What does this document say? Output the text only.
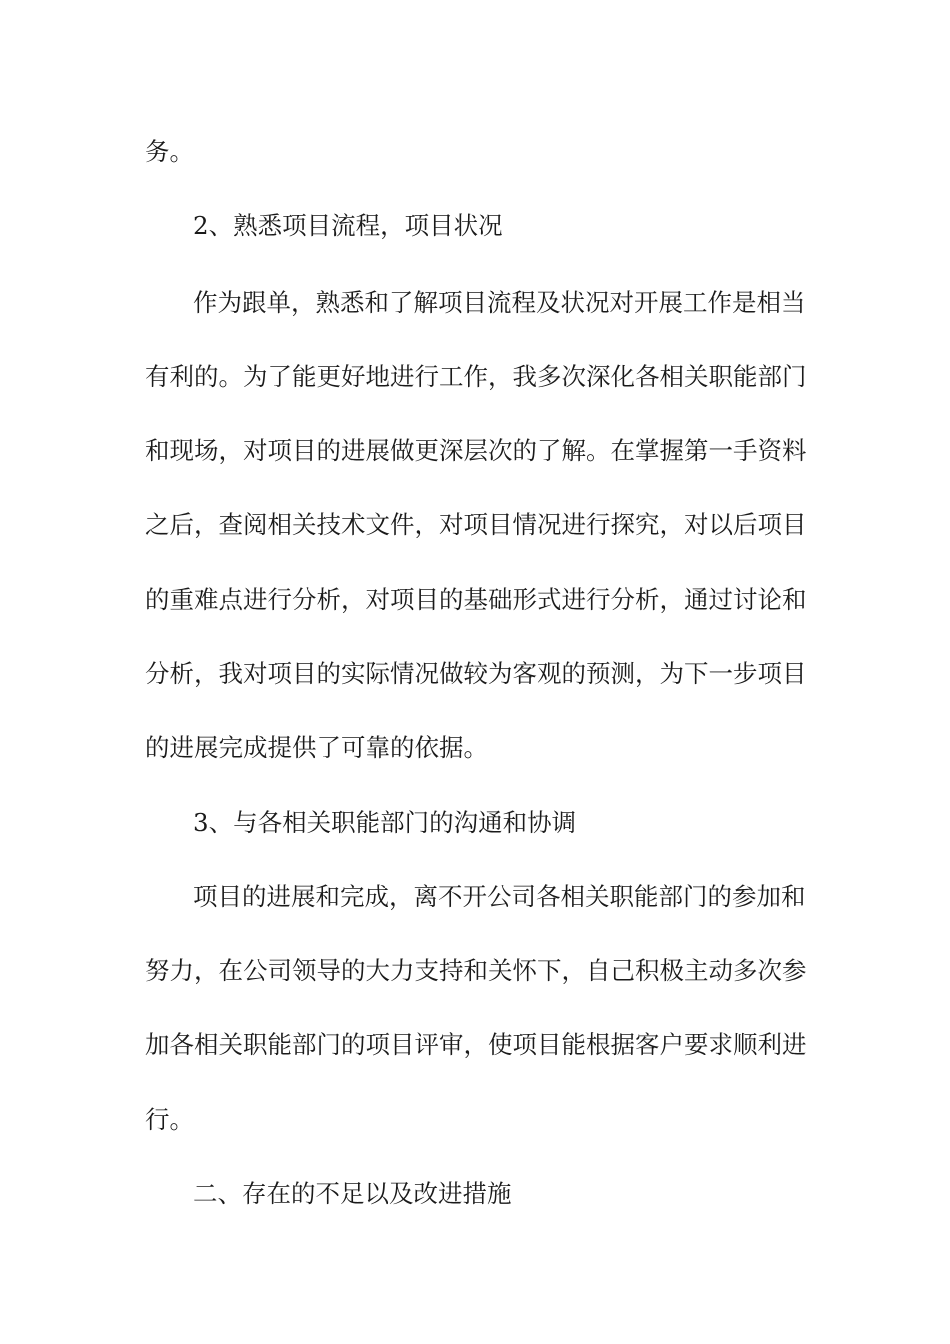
务。
2、熟悉项目流程，项目状况
作为跟单，熟悉和了解项目流程及状况对开展工作是相当
有利的。为了能更好地进行工作，我多次深化各相关职能部门
和现场，对项目的进展做更深层次的了解。在掌握第一手资料
之后，查阅相关技术文件，对项目情况进行探究，对以后项目
的重难点进行分析，对项目的基础形式进行分析，通过讨论和
分析，我对项目的实际情况做较为客观的预测，为下一步项目
的进展完成提供了可靠的依据。
3、与各相关职能部门的沟通和协调
项目的进展和完成，离不开公司各相关职能部门的参加和
努力，在公司领导的大力支持和关怀下，自己积极主动多次参
加各相关职能部门的项目评审，使项目能根据客户要求顺利进
行。
二、存在的不足以及改进措施
